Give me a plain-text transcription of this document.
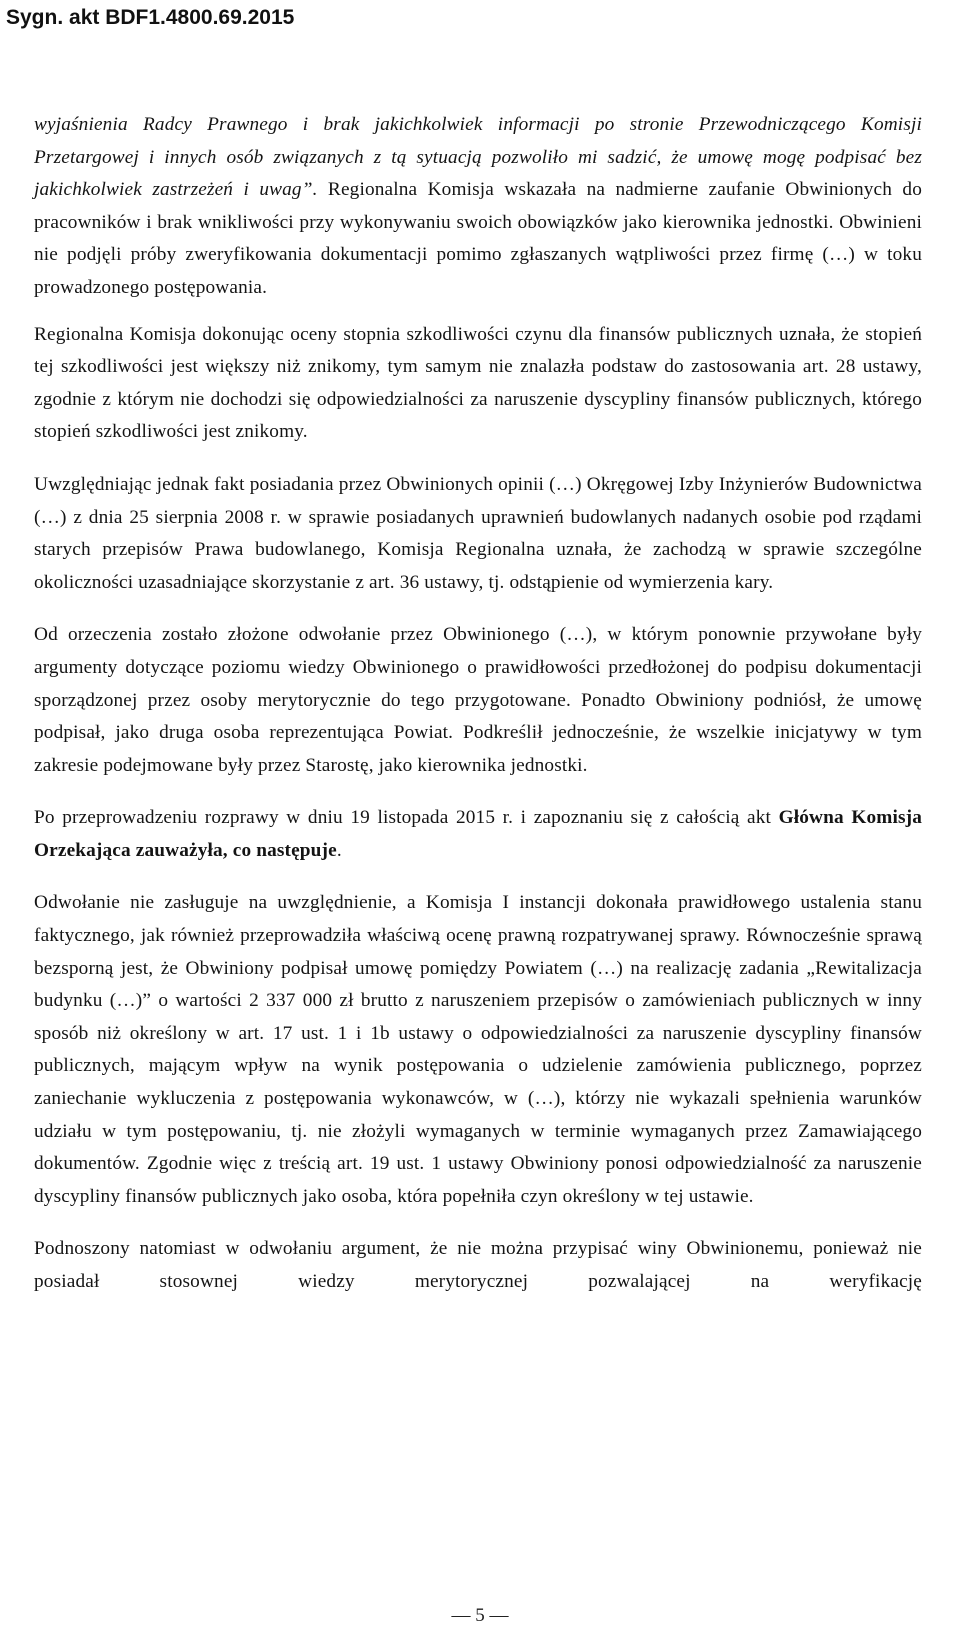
Sygn. akt BDF1.4800.69.2015

wyjaśnienia Radcy Prawnego i brak jakichkolwiek informacji po stronie Przewodniczącego Komisji Przetargowej i innych osób związanych z tą sytuacją pozwoliło mi sadzić, że umowę mogę podpisać bez jakichkolwiek zastrzeżeń i uwag”. Regionalna Komisja wskazała na nadmierne zaufanie Obwinionych do pracowników i brak wnikliwości przy wykonywaniu swoich obowiązków jako kierownika jednostki. Obwinieni nie podjęli próby zweryfikowania dokumentacji pomimo zgłaszanych wątpliwości przez firmę (…) w toku prowadzonego postępowania.

Regionalna Komisja dokonując oceny stopnia szkodliwości czynu dla finansów publicznych uznała, że stopień tej szkodliwości jest większy niż znikomy, tym samym nie znalazła podstaw do zastosowania art. 28 ustawy, zgodnie z którym nie dochodzi się odpowiedzialności za naruszenie dyscypliny finansów publicznych, którego stopień szkodliwości jest znikomy.

Uwzględniając jednak fakt posiadania przez Obwinionych opinii (…) Okręgowej Izby Inżynierów Budownictwa (…) z dnia 25 sierpnia 2008 r. w sprawie posiadanych uprawnień budowlanych nadanych osobie pod rządami starych przepisów Prawa budowlanego, Komisja Regionalna uznała, że zachodzą w sprawie szczególne okoliczności uzasadniające skorzystanie z art. 36 ustawy, tj. odstąpienie od wymierzenia kary.

Od orzeczenia zostało złożone odwołanie przez Obwinionego (…), w którym ponownie przywołane były argumenty dotyczące poziomu wiedzy Obwinionego o prawidłowości przedłożonej do podpisu dokumentacji sporządzonej przez osoby merytorycznie do tego przygotowane. Ponadto Obwiniony podniósł, że umowę podpisał, jako druga osoba reprezentująca Powiat. Podkreślił jednocześnie, że wszelkie inicjatywy w tym zakresie podejmowane były przez Starostę, jako kierownika jednostki.

Po przeprowadzeniu rozprawy w dniu 19 listopada 2015 r. i zapoznaniu się z całością akt Główna Komisja Orzekająca zauważyła, co następuje.

Odwołanie nie zasługuje na uwzględnienie, a Komisja I instancji dokonała prawidłowego ustalenia stanu faktycznego, jak również przeprowadziła właściwą ocenę prawną rozpatrywanej sprawy. Równocześnie sprawą bezsporną jest, że Obwiniony podpisał umowę pomiędzy Powiatem (…) na realizację zadania „Rewitalizacja budynku (…)” o wartości 2 337 000 zł brutto z naruszeniem przepisów o zamówieniach publicznych w inny sposób niż określony w art. 17 ust. 1 i 1b ustawy o odpowiedzialności za naruszenie dyscypliny finansów publicznych, mającym wpływ na wynik postępowania o udzielenie zamówienia publicznego, poprzez zaniechanie wykluczenia z postępowania wykonawców, w (…), którzy nie wykazali spełnienia warunków udziału w tym postępowaniu, tj. nie złożyli wymaganych w terminie wymaganych przez Zamawiającego dokumentów. Zgodnie więc z treścią art. 19 ust. 1 ustawy Obwiniony ponosi odpowiedzialność za naruszenie dyscypliny finansów publicznych jako osoba, która popełniła czyn określony w tej ustawie.

Podnoszony natomiast w odwołaniu argument, że nie można przypisać winy Obwinionemu, ponieważ nie posiadał stosownej wiedzy merytorycznej pozwalającej na weryfikację

— 5 —
